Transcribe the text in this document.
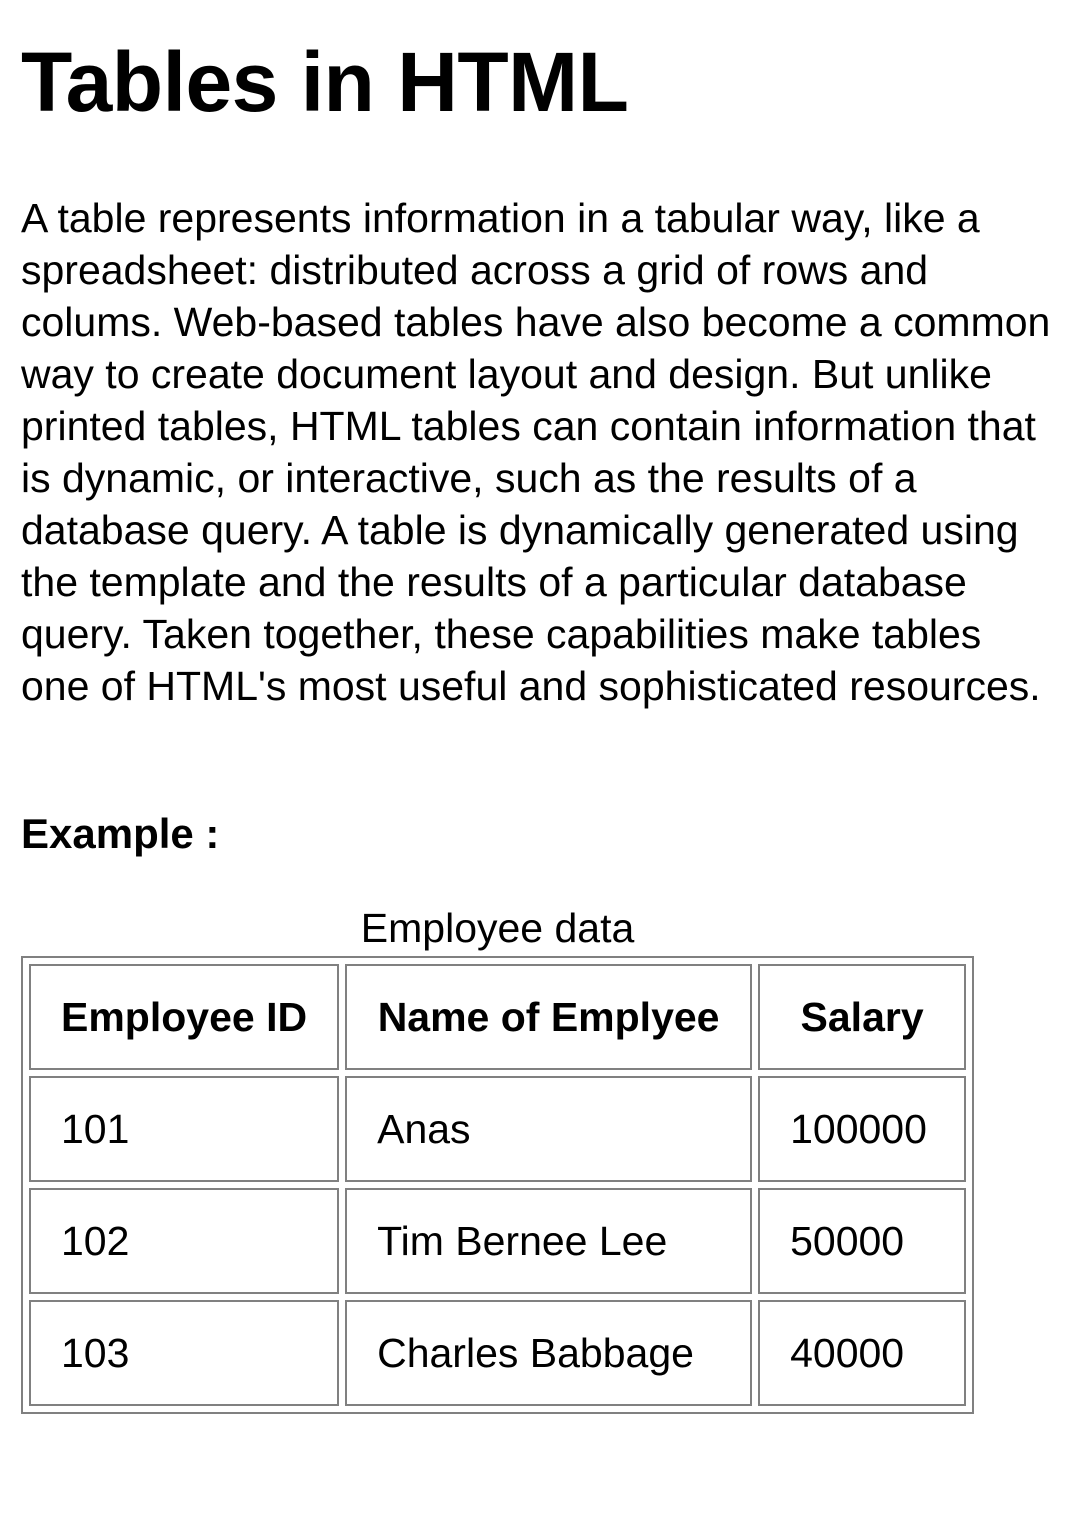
Tables in HTML

A table represents information in a tabular way, like a spreadsheet: distributed across a grid of rows and colums. Web-based tables have also become a common way to create document layout and design. But unlike printed tables, HTML tables can contain information that is dynamic, or interactive, such as the results of a database query. A table is dynamically generated using the template and the results of a particular database query. Taken together, these capabilities make tables one of HTML's most useful and sophisticated resources.

Example :
Employee data
Employee ID	Name of Emplyee	Salary
101	Anas	100000
102	Tim Bernee Lee	50000
103	Charles Babbage	40000
